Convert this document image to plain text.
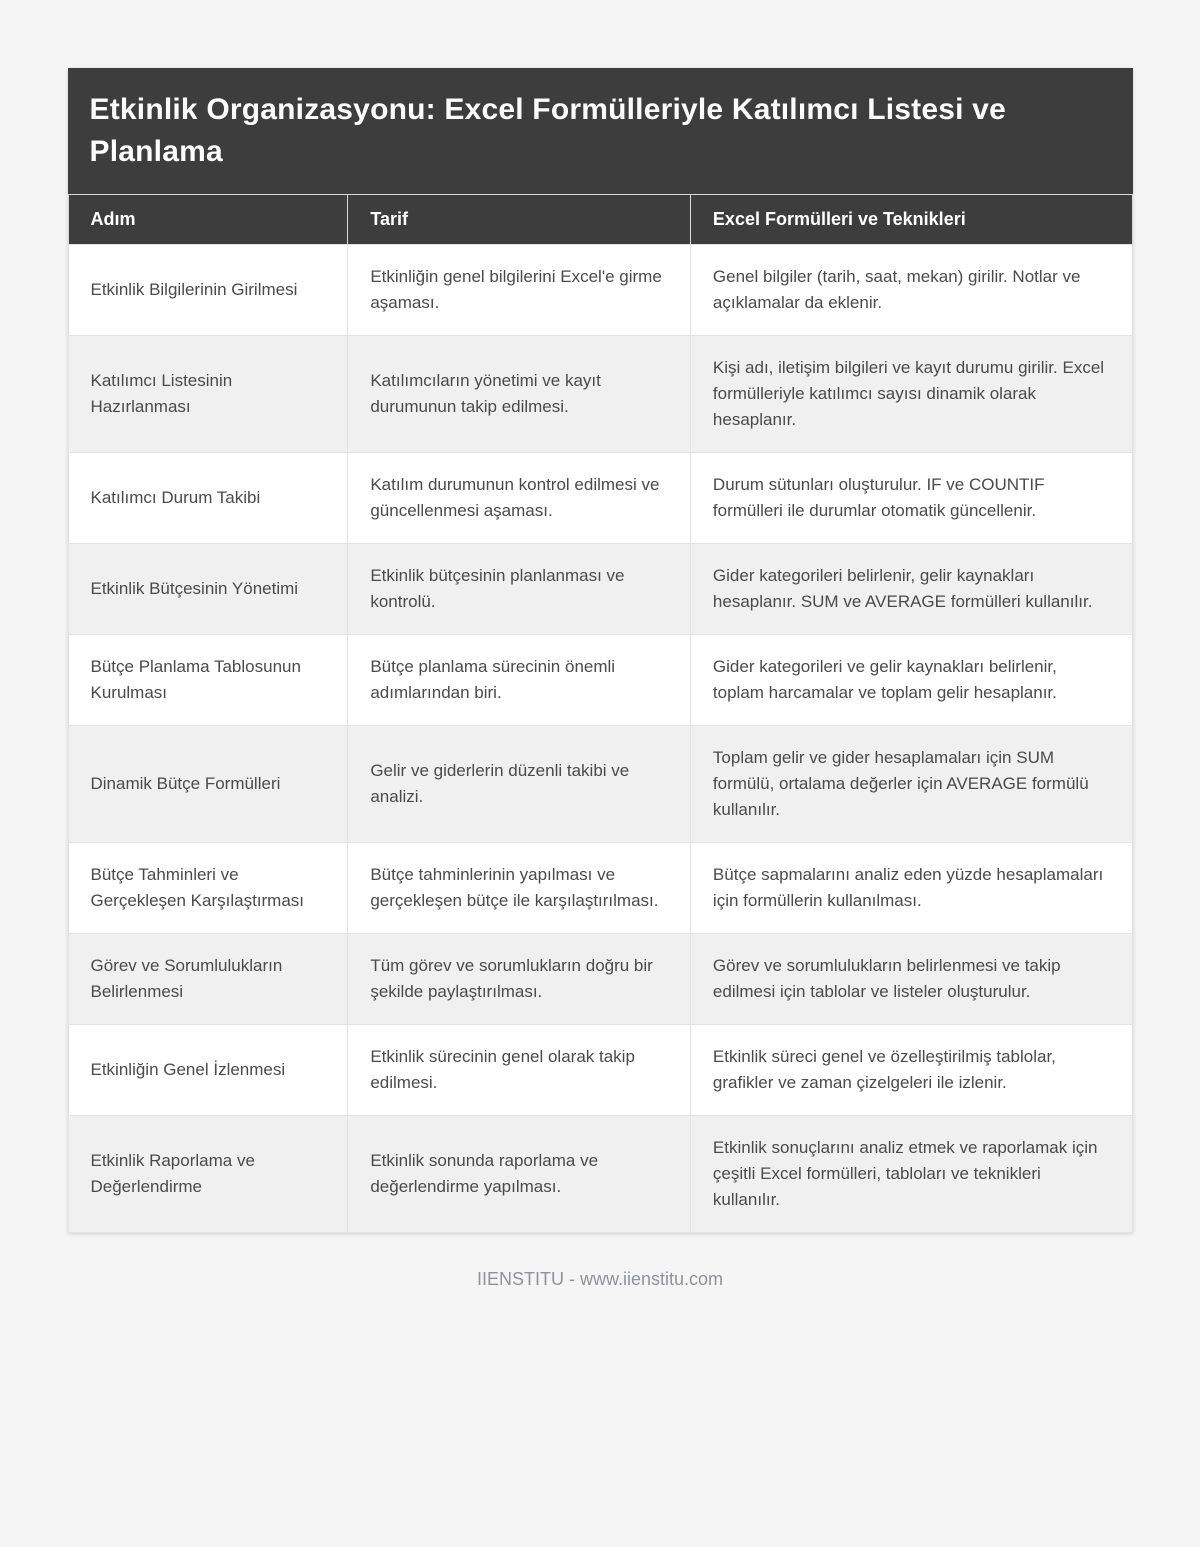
Etkinlik Organizasyonu: Excel Formülleriyle Katılımcı Listesi ve Planlama
Adım	Tarif	Excel Formülleri ve Teknikleri
Etkinlik Bilgilerinin Girilmesi	Etkinliğin genel bilgilerini Excel'e girme aşaması.	Genel bilgiler (tarih, saat, mekan) girilir. Notlar ve açıklamalar da eklenir.
Katılımcı Listesinin Hazırlanması	Katılımcıların yönetimi ve kayıt durumunun takip edilmesi.	Kişi adı, iletişim bilgileri ve kayıt durumu girilir. Excel formülleriyle katılımcı sayısı dinamik olarak hesaplanır.
Katılımcı Durum Takibi	Katılım durumunun kontrol edilmesi ve güncellenmesi aşaması.	Durum sütunları oluşturulur. IF ve COUNTIF formülleri ile durumlar otomatik güncellenir.
Etkinlik Bütçesinin Yönetimi	Etkinlik bütçesinin planlanması ve kontrolü.	Gider kategorileri belirlenir, gelir kaynakları hesaplanır. SUM ve AVERAGE formülleri kullanılır.
Bütçe Planlama Tablosunun Kurulması	Bütçe planlama sürecinin önemli adımlarından biri.	Gider kategorileri ve gelir kaynakları belirlenir, toplam harcamalar ve toplam gelir hesaplanır.
Dinamik Bütçe Formülleri	Gelir ve giderlerin düzenli takibi ve analizi.	Toplam gelir ve gider hesaplamaları için SUM formülü, ortalama değerler için AVERAGE formülü kullanılır.
Bütçe Tahminleri ve Gerçekleşen Karşılaştırması	Bütçe tahminlerinin yapılması ve gerçekleşen bütçe ile karşılaştırılması.	Bütçe sapmalarını analiz eden yüzde hesaplamaları için formüllerin kullanılması.
Görev ve Sorumlulukların Belirlenmesi	Tüm görev ve sorumlukların doğru bir şekilde paylaştırılması.	Görev ve sorumlulukların belirlenmesi ve takip edilmesi için tablolar ve listeler oluşturulur.
Etkinliğin Genel İzlenmesi	Etkinlik sürecinin genel olarak takip edilmesi.	Etkinlik süreci genel ve özelleştirilmiş tablolar, grafikler ve zaman çizelgeleri ile izlenir.
Etkinlik Raporlama ve Değerlendirme	Etkinlik sonunda raporlama ve değerlendirme yapılması.	Etkinlik sonuçlarını analiz etmek ve raporlamak için çeşitli Excel formülleri, tabloları ve teknikleri kullanılır.
IIENSTITU - www.iienstitu.com
